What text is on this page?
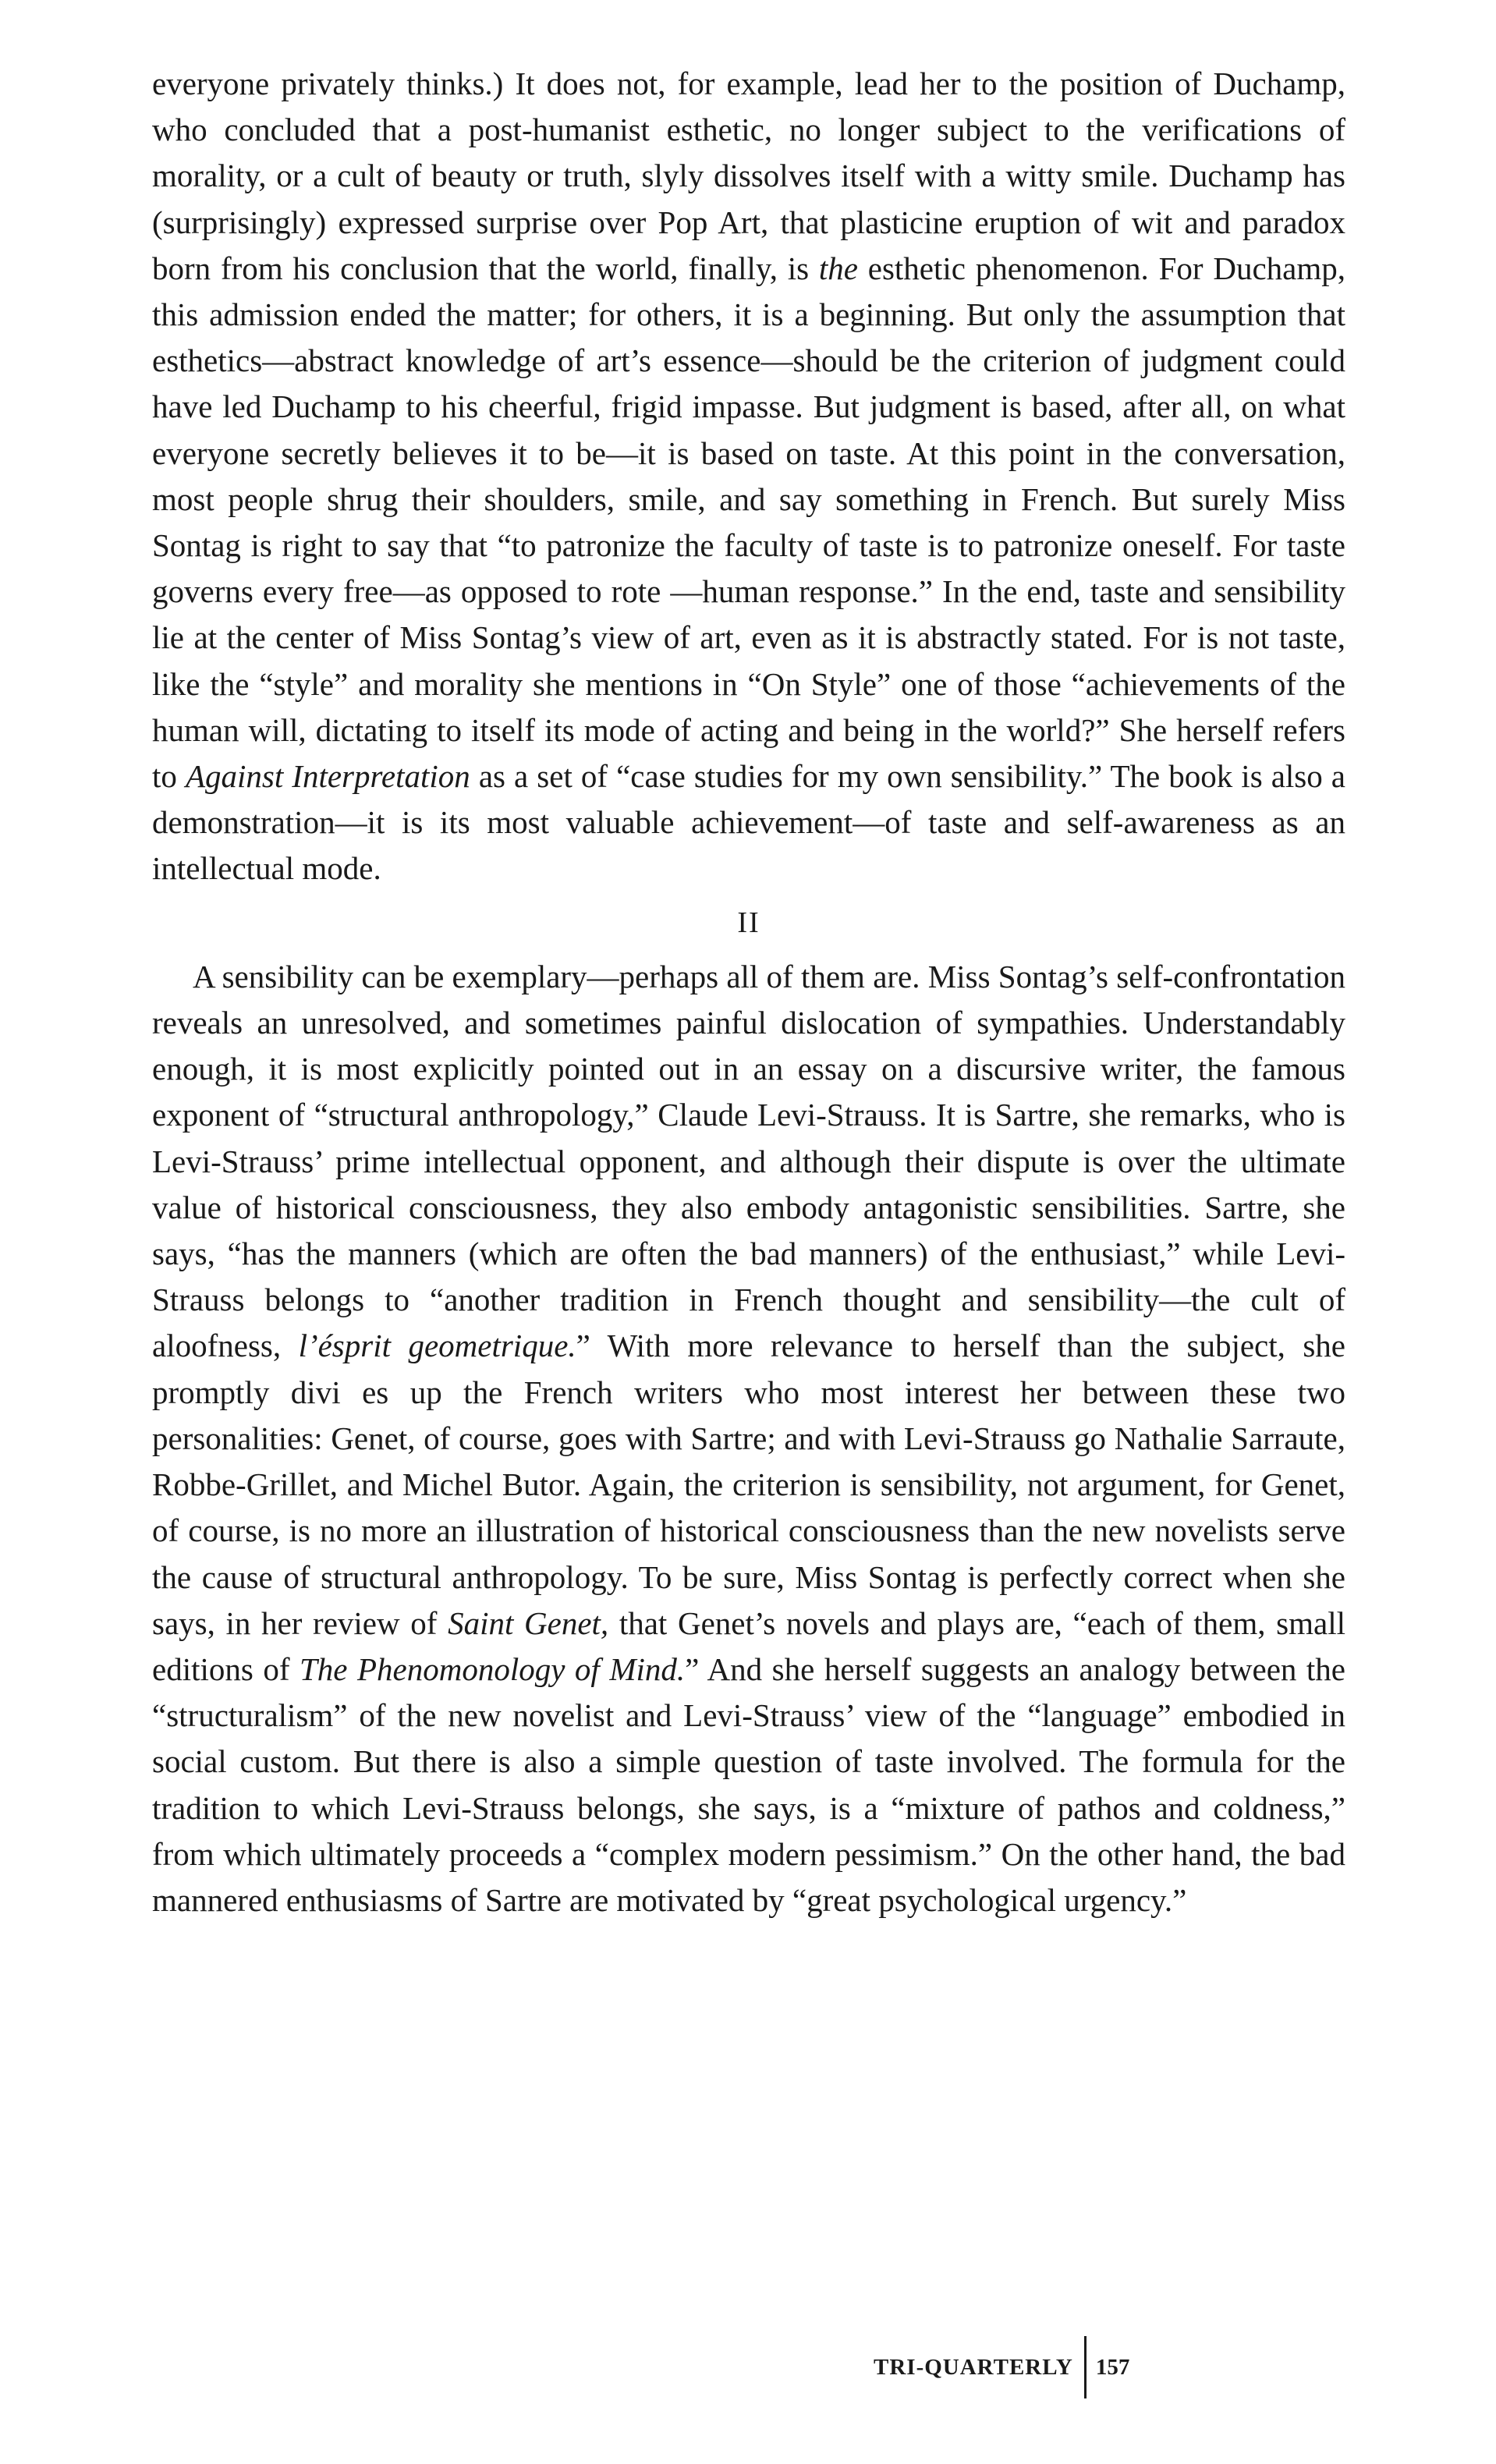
everyone privately thinks.) It does not, for example, lead her to the position of Duchamp, who concluded that a post-humanist esthetic, no longer subject to the verifications of morality, or a cult of beauty or truth, slyly dissolves itself with a witty smile. Duchamp has (surprisingly) expressed surprise over Pop Art, that plasticine eruption of wit and paradox born from his conclusion that the world, finally, is the esthetic phenomenon. For Duchamp, this admission ended the matter; for others, it is a beginning. But only the assumption that esthetics—abstract knowledge of art’s essence—should be the criterion of judgment could have led Duchamp to his cheerful, frigid impasse. But judgment is based, after all, on what everyone secretly believes it to be—it is based on taste. At this point in the conversation, most people shrug their shoulders, smile, and say something in French. But surely Miss Sontag is right to say that “to patronize the faculty of taste is to patronize oneself. For taste governs every free—as opposed to rote —human response.” In the end, taste and sensibility lie at the center of Miss Sontag’s view of art, even as it is abstractly stated. For is not taste, like the “style” and morality she mentions in “On Style” one of those “achievements of the human will, dictating to itself its mode of acting and being in the world?” She herself refers to Against Interpretation as a set of “case studies for my own sensibility.” The book is also a demonstration—it is its most valuable achievement—of taste and self-awareness as an intellectual mode.

II

A sensibility can be exemplary—perhaps all of them are. Miss Sontag’s self-confrontation reveals an unresolved, and sometimes painful dislocation of sympathies. Understandably enough, it is most explicitly pointed out in an essay on a discursive writer, the famous exponent of “structural anthropology,” Claude Levi-Strauss. It is Sartre, she remarks, who is Levi-Strauss’ prime intellectual opponent, and although their dispute is over the ultimate value of historical consciousness, they also embody antagonistic sensibilities. Sartre, she says, “has the manners (which are often the bad manners) of the enthusiast,” while Levi-Strauss belongs to “another tradition in French thought and sensibility—the cult of aloofness, l’ésprit geometrique.” With more relevance to herself than the subject, she promptly divi es up the French writers who most interest her between these two personalities: Genet, of course, goes with Sartre; and with Levi-Strauss go Nathalie Sarraute, Robbe-Grillet, and Michel Butor. Again, the criterion is sensibility, not argument, for Genet, of course, is no more an illustration of historical consciousness than the new novelists serve the cause of structural anthropology. To be sure, Miss Sontag is perfectly correct when she says, in her review of Saint Genet, that Genet’s novels and plays are, “each of them, small editions of The Phenomonology of Mind.” And she herself suggests an analogy between the “structuralism” of the new novelist and Levi-Strauss’ view of the “language” embodied in social custom. But there is also a simple question of taste involved. The formula for the tradition to which Levi-Strauss belongs, she says, is a “mixture of pathos and coldness,” from which ultimately proceeds a “complex modern pessimism.” On the other hand, the bad mannered enthusiasms of Sartre are motivated by “great psychological urgency.”

TRI-QUARTERLY	157
